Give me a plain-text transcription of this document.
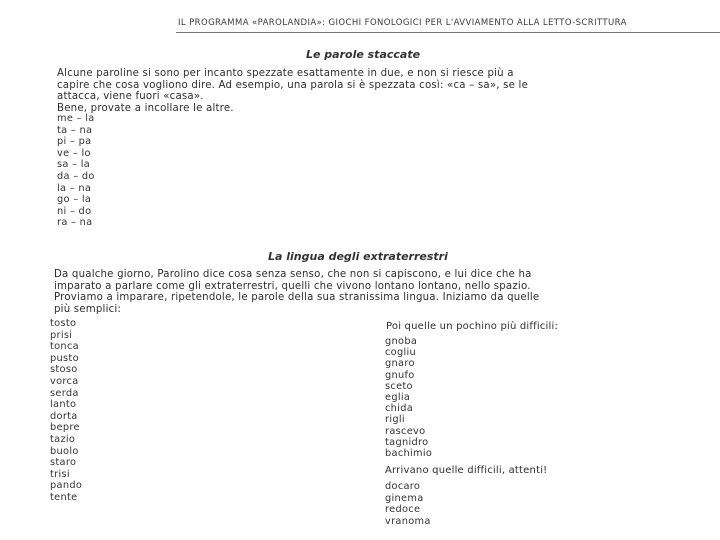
IL PROGRAMMA «PAROLANDIA»: GIOCHI FONOLOGICI PER L'AVVIAMENTO ALLA LETTO-SCRITTURA
Le parole staccate
Alcune paroline si sono per incanto spezzate esattamente in due, e non si riesce più a
capire che cosa vogliono dire. Ad esempio, una parola si è spezzata così: «ca – sa», se le
attacca, viene fuori «casa».
Bene, provate a incollare le altre.
me – la
ta – na
pi – pa
ve – lo
sa – la
da – do
la – na
go – la
ni – do
ra – na
La lingua degli extraterrestri
Da qualche giorno, Parolino dice cosa senza senso, che non si capiscono, e lui dice che ha
imparato a parlare come gli extraterrestri, quelli che vivono lontano lontano, nello spazio.
Proviamo a imparare, ripetendole, le parole della sua stranissima lingua. Iniziamo da quelle
più semplici:
tosto
prisi
tonca
pusto
stoso
vorca
serda
lanto
dorta
bepre
tazio
buolo
staro
trisi
pando
tente
Poi quelle un pochino più difficili:
gnoba
cogliu
gnaro
gnufo
sceto
eglia
chida
rigli
rascevo
tagnidro
bachimio
Arrivano quelle difficili, attenti!
docaro
ginema
redoce
vranoma
